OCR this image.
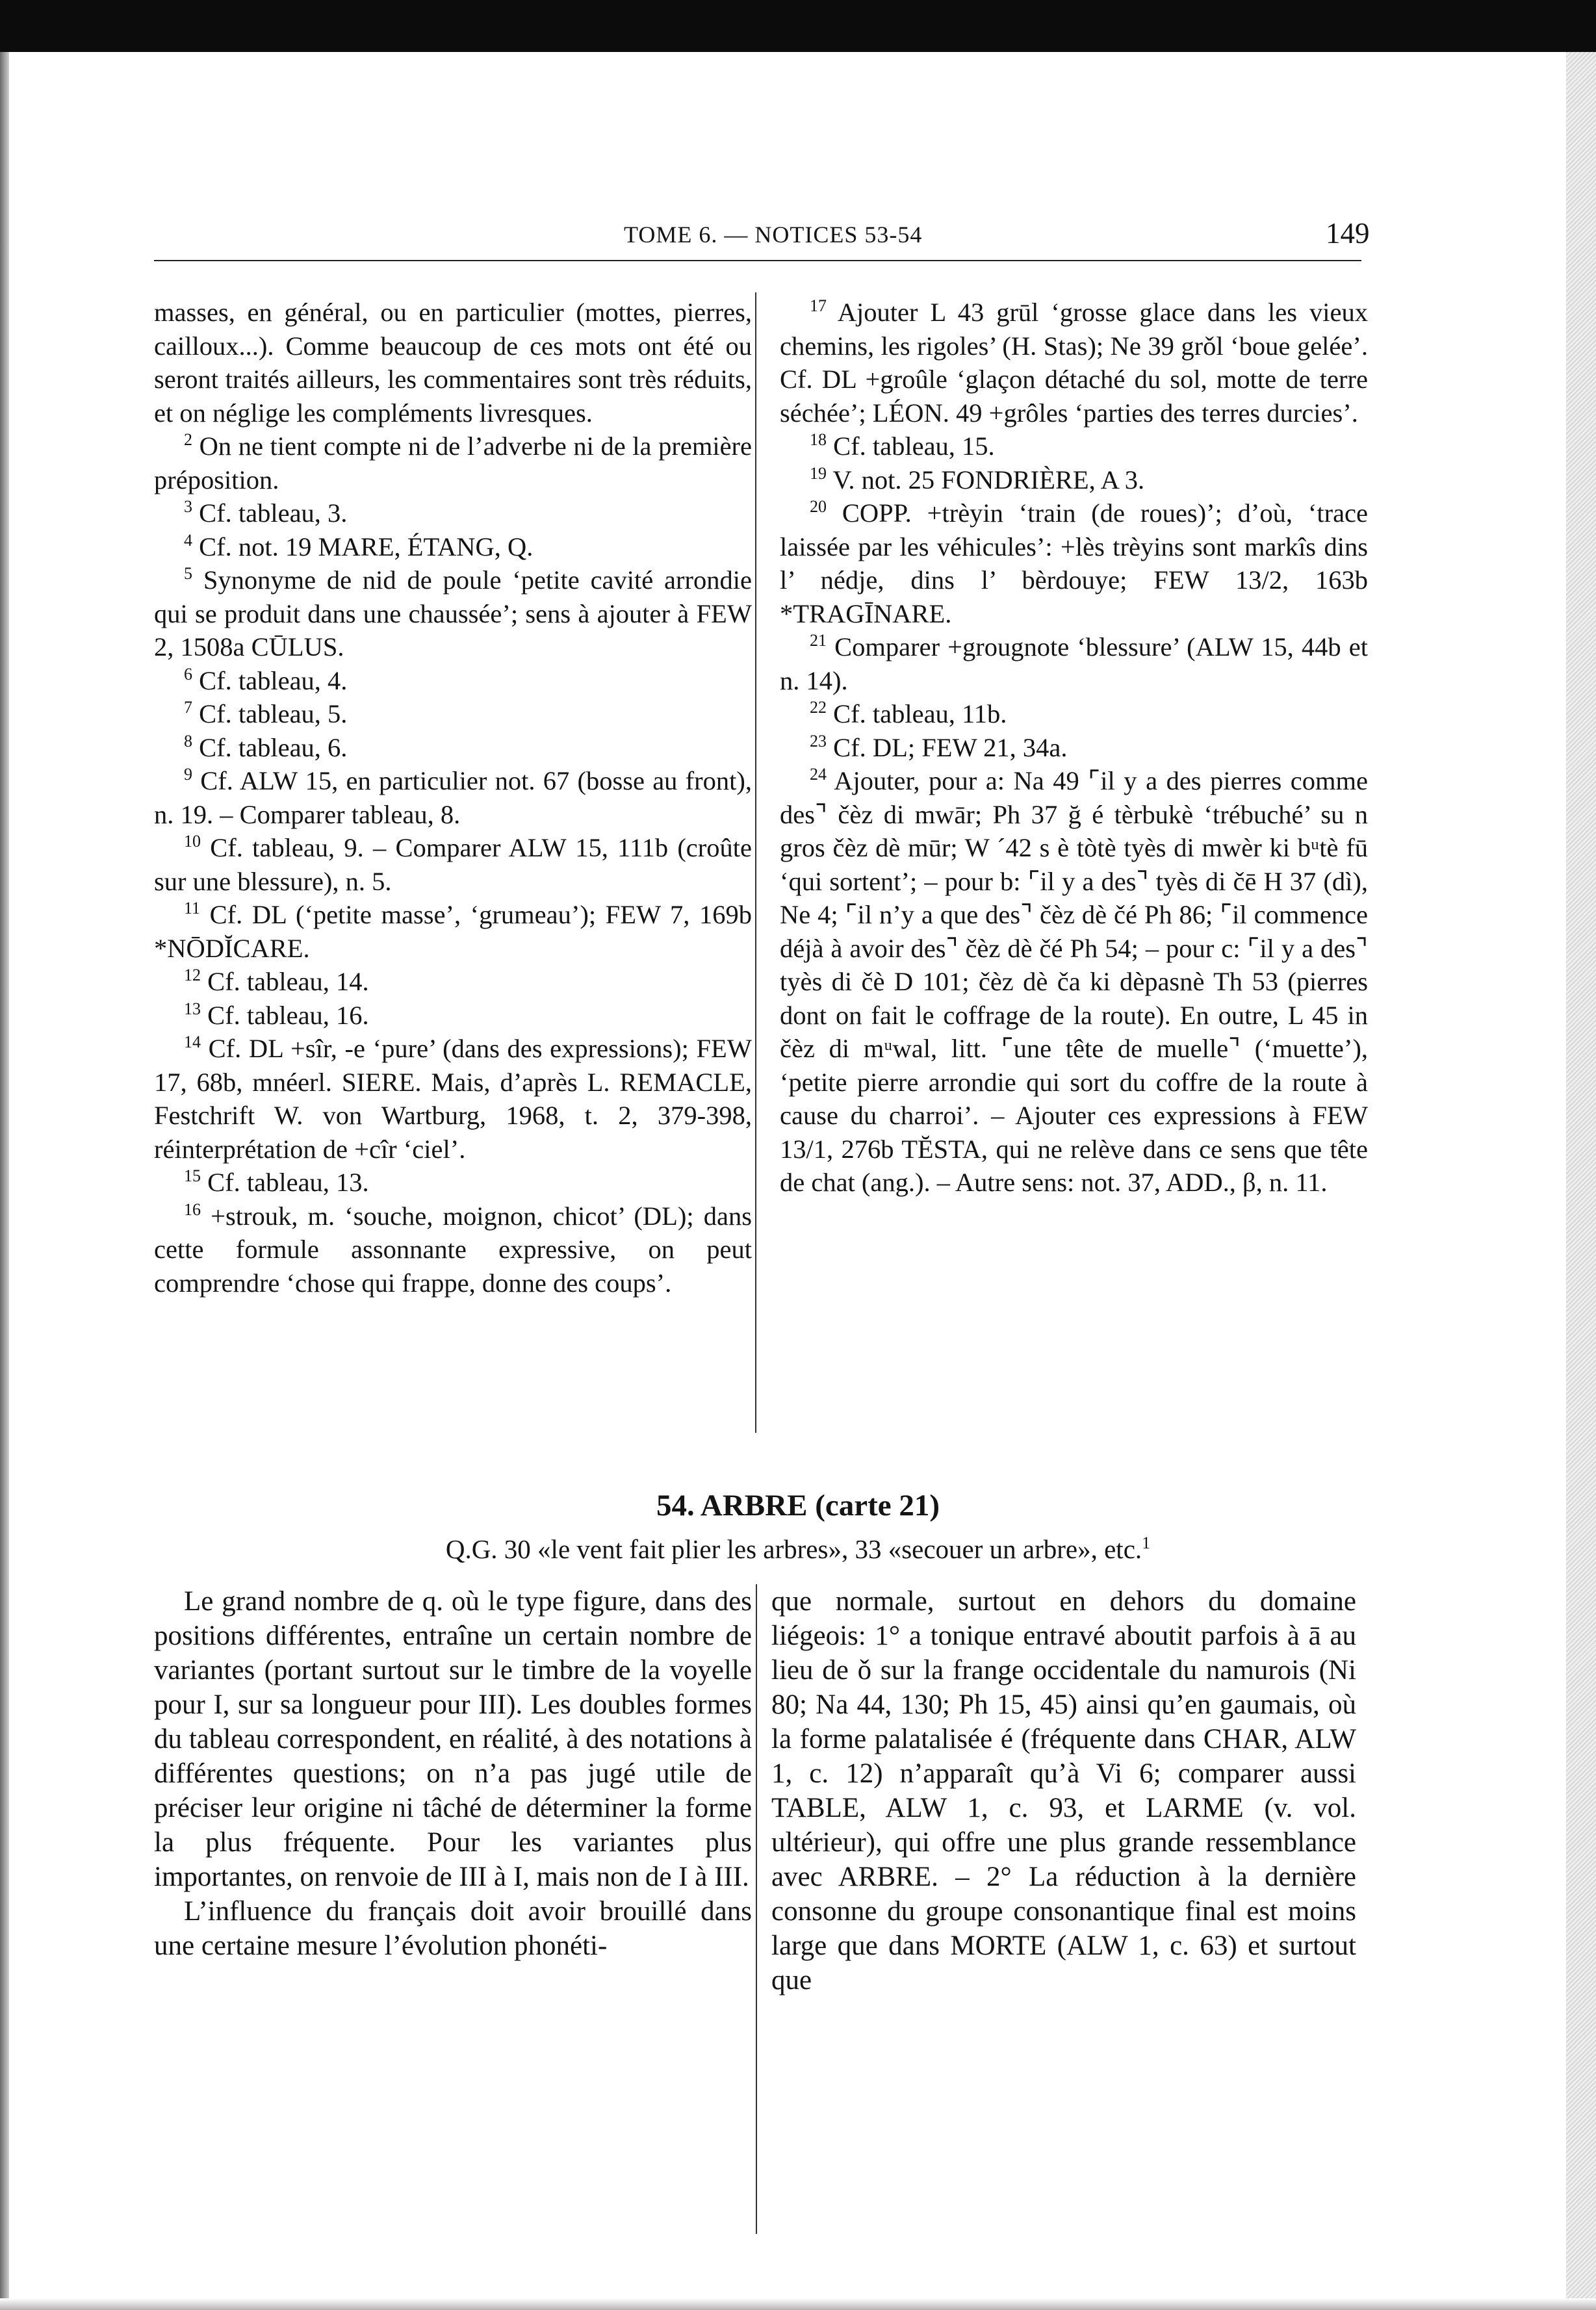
TOME 6. — NOTICES 53-54	149

masses, en général, ou en particulier (mottes, pierres, cailloux...). Comme beaucoup de ces mots ont été ou seront traités ailleurs, les commentaires sont très réduits, et on néglige les compléments livresques.

$^2$ On ne tient compte ni de l’adverbe ni de la première préposition.

$^3$ Cf. tableau, 3.

$^4$ Cf. not. 19 MARE, ÉTANG, Q.

$^5$ Synonyme de nid de poule ‘petite cavité arrondie qui se produit dans une chaussée’; sens à ajouter à FEW 2, 1508a CŪLUS.

$^6$ Cf. tableau, 4.

$^7$ Cf. tableau, 5.

$^8$ Cf. tableau, 6.

$^9$ Cf. ALW 15, en particulier not. 67 (bosse au front), n. 19. – Comparer tableau, 8.

$^{10}$ Cf. tableau, 9. – Comparer ALW 15, 111b (croûte sur une blessure), n. 5.

$^{11}$ Cf. DL (‘petite masse’, ‘grumeau’); FEW 7, 169b *NŌDĬCARE.

$^{12}$ Cf. tableau, 14.

$^{13}$ Cf. tableau, 16.

$^{14}$ Cf. DL +sîr, -e ‘pure’ (dans des expressions); FEW 17, 68b, mnéerl. SIERE. Mais, d’après L. REMACLE, Festchrift W. von Wartburg, 1968, t. 2, 379-398, réinterprétation de +cîr ‘ciel’.

$^{15}$ Cf. tableau, 13.

$^{16}$ +strouk, m. ‘souche, moignon, chicot’ (DL); dans cette formule assonnante expressive, on peut comprendre ‘chose qui frappe, donne des coups’.

$^{17}$ Ajouter L 43 grūl ‘grosse glace dans les vieux chemins, les rigoles’ (H. Stas); Ne 39 grǒl ‘boue gelée’. Cf. DL +groûle ‘glaçon détaché du sol, motte de terre séchée’; LÉON. 49 +grôles ‘parties des terres durcies’.

$^{18}$ Cf. tableau, 15.

$^{19}$ V. not. 25 FONDRIÈRE, A 3.

$^{20}$ COPP. +trèyin ‘train (de roues)’; d’où, ‘trace laissée par les véhicules’: +lès trèyins sont markîs dins l’ nédje, dins l’ bèrdouye; FEW 13/2, 163b *TRAGĪNARE.

$^{21}$ Comparer +grougnote ‘blessure’ (ALW 15, 44b et n. 14).

$^{22}$ Cf. tableau, 11b.

$^{23}$ Cf. DL; FEW 21, 34a.

$^{24}$ Ajouter, pour a: Na 49 ⌜il y a des pierres comme des⌝ čèz di mwār; Ph 37 ğ é tèrbukè ‘trébuché’ su n gros čèz dè mūr; W ´42 s è tòtè tyès di mwèr ki bᵘtè fū ‘qui sortent’; – pour b: ⌜il y a des⌝ tyès di čē H 37 (dì), Ne 4; ⌜il n’y a que des⌝ čèz dè čé Ph 86; ⌜il commence déjà à avoir des⌝ čèz dè čé Ph 54; – pour c: ⌜il y a des⌝ tyès di čè D 101; čèz dè ča ki dèpasnè Th 53 (pierres dont on fait le coffrage de la route). En outre, L 45 in čèz di mᵘwal, litt. ⌜une tête de muelle⌝ (‘muette’), ‘petite pierre arrondie qui sort du coffre de la route à cause du charroi’. – Ajouter ces expressions à FEW 13/1, 276b TĔSTA, qui ne relève dans ce sens que tête de chat (ang.). – Autre sens: not. 37, ADD., β, n. 11.

54. ARBRE (carte 21)
Q.G. 30 «le vent fait plier les arbres», 33 «secouer un arbre», etc.$^1$

Le grand nombre de q. où le type figure, dans des positions différentes, entraîne un certain nombre de variantes (portant surtout sur le timbre de la voyelle pour I, sur sa longueur pour III). Les doubles formes du tableau correspondent, en réalité, à des notations à différentes questions; on n’a pas jugé utile de préciser leur origine ni tâché de déterminer la forme la plus fréquente. Pour les variantes plus importantes, on renvoie de III à I, mais non de I à III.

L’influence du français doit avoir brouillé dans une certaine mesure l’évolution phonéti-

que normale, surtout en dehors du domaine liégeois: 1° a tonique entravé aboutit parfois à ā au lieu de ǒ sur la frange occidentale du namurois (Ni 80; Na 44, 130; Ph 15, 45) ainsi qu’en gaumais, où la forme palatalisée é (fréquente dans CHAR, ALW 1, c. 12) n’apparaît qu’à Vi 6; comparer aussi TABLE, ALW 1, c. 93, et LARME (v. vol. ultérieur), qui offre une plus grande ressemblance avec ARBRE. – 2° La réduction à la dernière consonne du groupe consonantique final est moins large que dans MORTE (ALW 1, c. 63) et surtout que
